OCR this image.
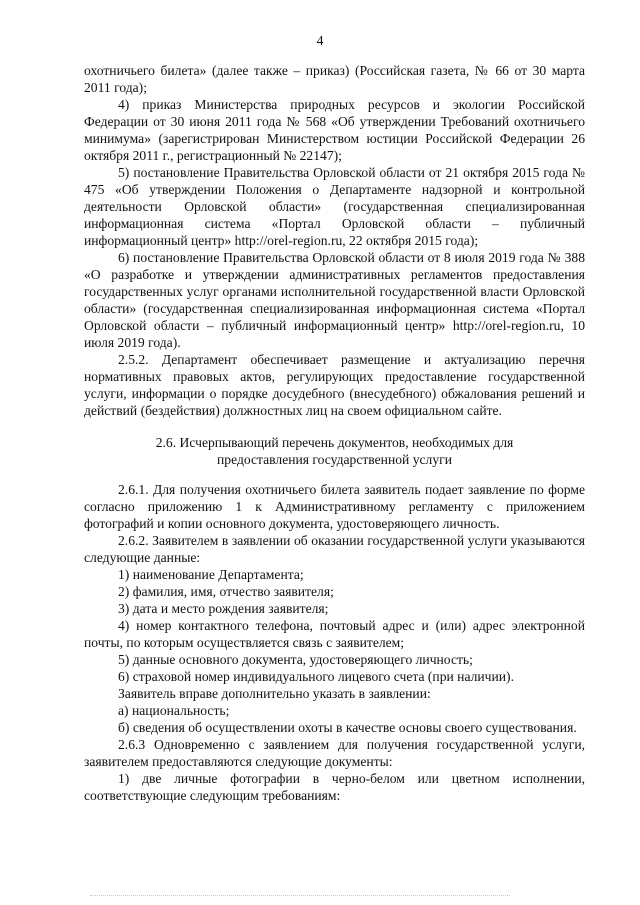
4

охотничьего билета» (далее также – приказ) (Российская газета, № 66 от 30 марта 2011 года);

4) приказ Министерства природных ресурсов и экологии Российской Федерации от 30 июня 2011 года № 568 «Об утверждении Требований охотничьего минимума» (зарегистрирован Министерством юстиции Российской Федерации 26 октября 2011 г., регистрационный № 22147);

5) постановление Правительства Орловской области от 21 октября 2015 года № 475 «Об утверждении Положения о Департаменте надзорной и контрольной деятельности Орловской области» (государственная специализированная информационная система «Портал Орловской области – публичный информационный центр» http://orel-region.ru, 22 октября 2015 года);

6) постановление Правительства Орловской области от 8 июля 2019 года № 388 «О разработке и утверждении административных регламентов предоставления государственных услуг органами исполнительной государственной власти Орловской области» (государственная специализированная информационная система «Портал Орловской области – публичный информационный центр» http://orel-region.ru, 10 июля 2019 года).

2.5.2. Департамент обеспечивает размещение и актуализацию перечня нормативных правовых актов, регулирующих предоставление государственной услуги, информации о порядке досудебного (внесудебного) обжалования решений и действий (бездействия) должностных лиц на своем официальном сайте.

2.6. Исчерпывающий перечень документов, необходимых для предоставления государственной услуги

2.6.1. Для получения охотничьего билета заявитель подает заявление по форме согласно приложению 1 к Административному регламенту с приложением фотографий и копии основного документа, удостоверяющего личность.

2.6.2. Заявителем в заявлении об оказании государственной услуги указываются следующие данные:

1) наименование Департамента;

2) фамилия, имя, отчество заявителя;

3) дата и место рождения заявителя;

4) номер контактного телефона, почтовый адрес и (или) адрес электронной почты, по которым осуществляется связь с заявителем;

5) данные основного документа, удостоверяющего личность;

6) страховой номер индивидуального лицевого счета (при наличии).

Заявитель вправе дополнительно указать в заявлении:

а) национальность;

б) сведения об осуществлении охоты в качестве основы своего существования.

2.6.3 Одновременно с заявлением для получения государственной услуги, заявителем предоставляются следующие документы:

1) две личные фотографии в черно-белом или цветном исполнении, соответствующие следующим требованиям:
